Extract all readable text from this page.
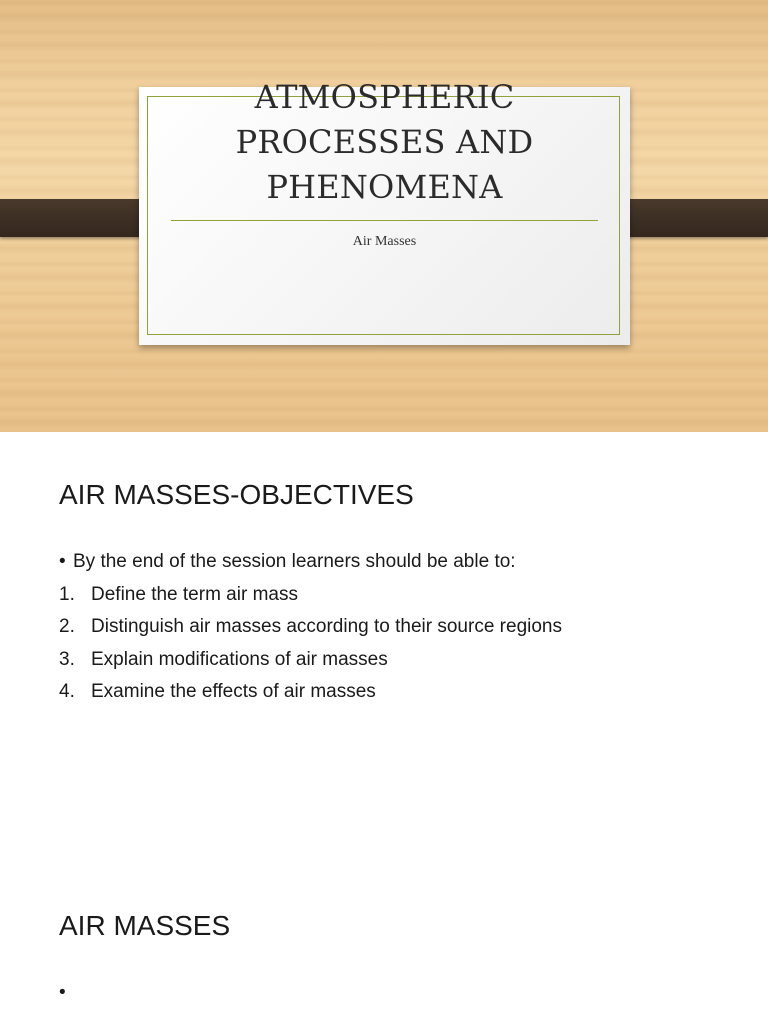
ATMOSPHERIC
PROCESSES AND
PHENOMENA
Air Masses
AIR MASSES-OBJECTIVES
• By the end of the session learners should be able to:
1. Define the term air mass
2. Distinguish air masses according to their source regions
3. Explain modifications of air masses
4. Examine the effects of air masses
AIR MASSES
•
